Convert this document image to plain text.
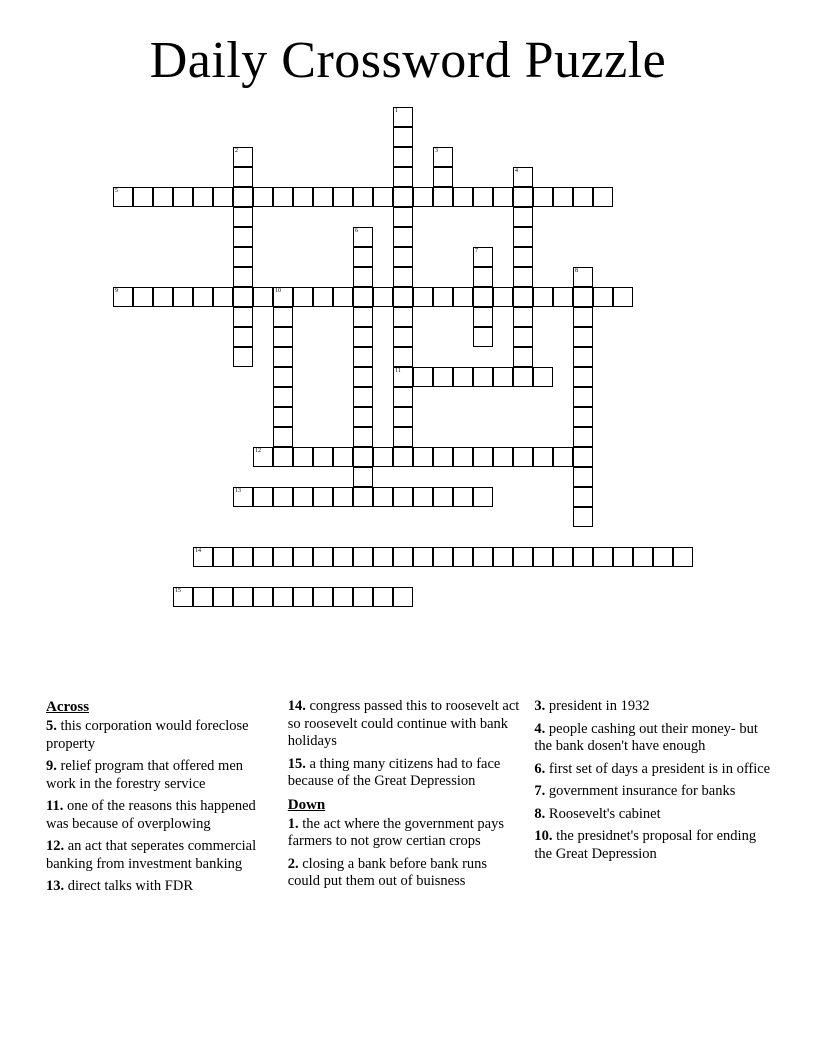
Daily Crossword Puzzle
1
11
2	3
4
5
6
7
8
9	10
12
13
14
15
Across

5. this corporation would foreclose property

9. relief program that offered men work in the forestry service

11. one of the reasons this happened was because of overplowing

12. an act that seperates commercial banking from investment banking

13. direct talks with FDR

14. congress passed this to roosevelt act so roosevelt could continue with bank holidays

15. a thing many citizens had to face because of the Great Depression

Down

1. the act where the government pays farmers to not grow certian crops

2. closing a bank before bank runs could put them out of buisness

3. president in 1932

4. people cashing out their money- but the bank dosen't have enough

6. first set of days a president is in office

7. government insurance for banks

8. Roosevelt's cabinet

10. the presidnet's proposal for ending the Great Depression
